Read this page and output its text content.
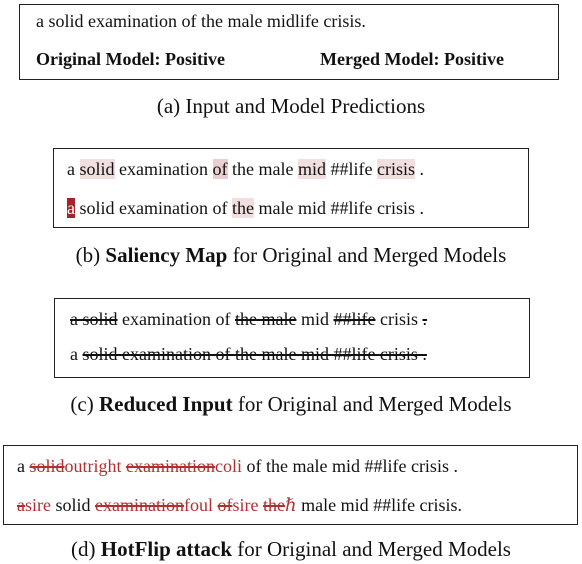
a solid examination of the male midlife crisis.
Original Model: Positive	Merged Model: Positive
(a) Input and Model Predictions
a solid examination of the male mid ##life crisis .
a solid examination of the male mid ##life crisis .
(b) Saliency Map for Original and Merged Models
a solid examination of the male mid ##life crisis .
a solid examination of the male mid ##life crisis .
(c) Reduced Input for Original and Merged Models
a solidoutright examinationcoli of the male mid ##life crisis .
asire solid examinationfoul ofsire theℏ male mid ##life crisis.
(d) HotFlip attack for Original and Merged Models
